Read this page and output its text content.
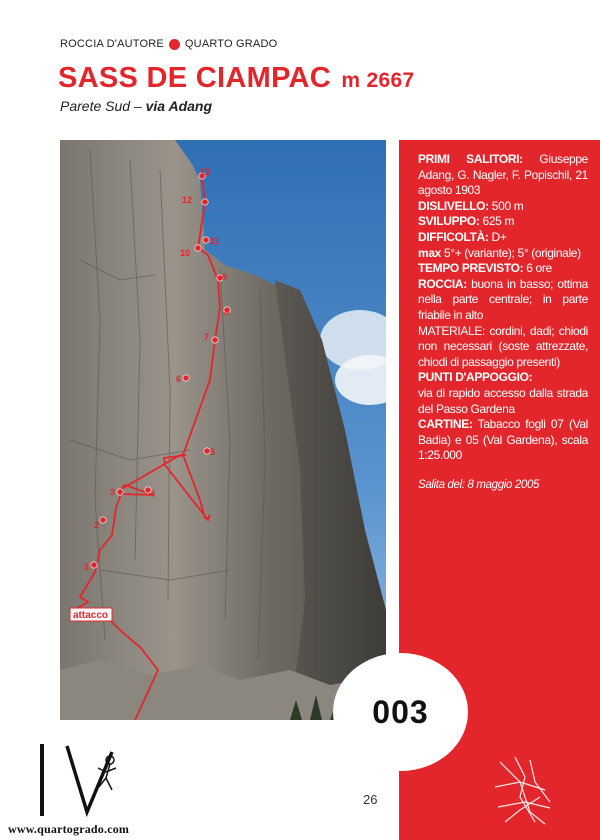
ROCCIA D'AUTORE QUARTO GRADO
SASS DE CIAMPAC m 2667
Parete Sud – via Adang
13
12
11
10
9
8
7
6
5
4
3
2
1
attacco

PRIMI SALITORI: Giuseppe Adang, G. Nagler, F. Popischil, 21 agosto 1903

DISLIVELLO: 500 m

SVILUPPO: 625 m

DIFFICOLTÀ: D+

max 5°+ (variante); 5° (originale)

TEMPO PREVISTO: 6 ore

ROCCIA: buona in basso; ottima nella parte centrale; in parte friabile in alto

MATERIALE: cordini, dadi; chiodi non necessari (soste attrezzate, chiodi di passaggio presenti)

PUNTI D'APPOGGIO:

via di rapido accesso dalla strada del Passo Gardena

CARTINE: Tabacco fogli 07 (Val Badia) e 05 (Val Gardena), scala 1:25.000

Salita del: 8 maggio 2005

003
26
www.quartogrado.com
